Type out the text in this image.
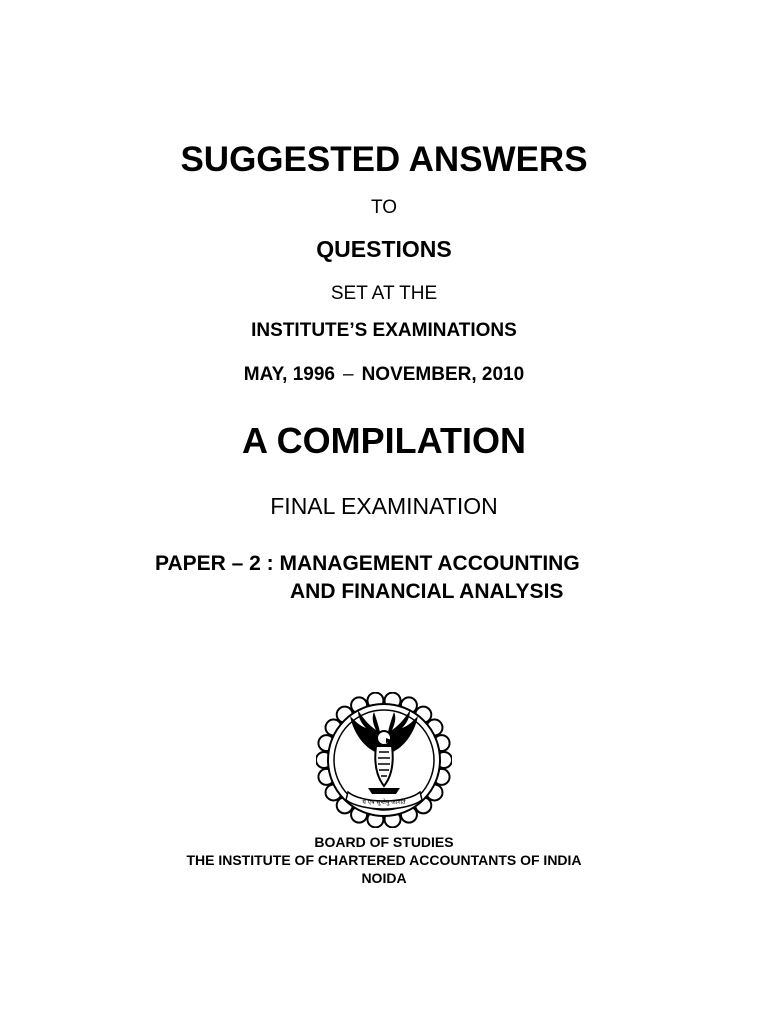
SUGGESTED ANSWERS
TO
QUESTIONS
SET AT THE
INSTITUTE’S EXAMINATIONS
MAY, 1996 – NOVEMBER, 2010
A COMPILATION
FINAL EXAMINATION
PAPER – 2 : MANAGEMENT ACCOUNTING
AND FINANCIAL ANALYSIS
य एष सुप्तेषु जागर्ति
BOARD OF STUDIES
THE INSTITUTE OF CHARTERED ACCOUNTANTS OF INDIA
NOIDA
